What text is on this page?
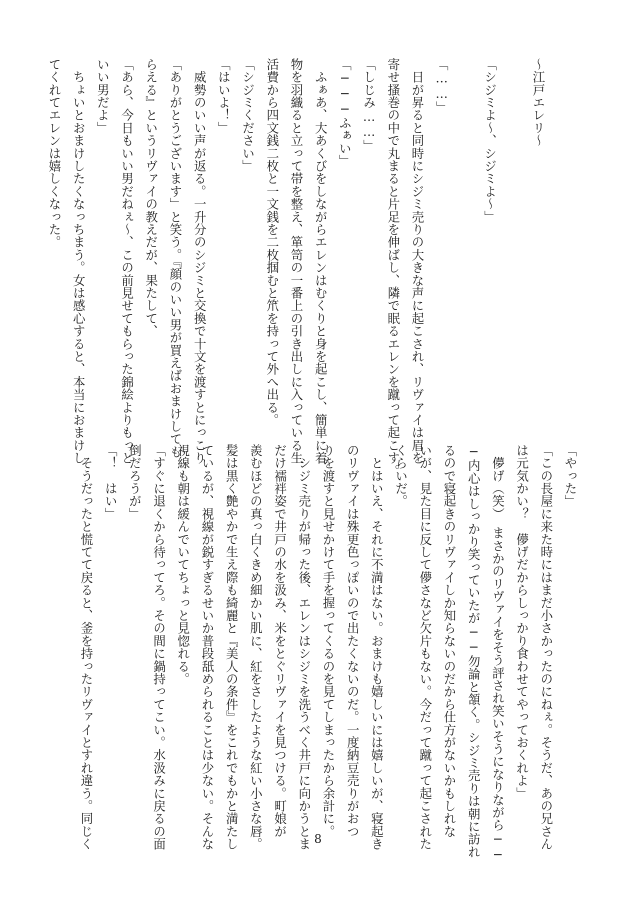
～江戸エレリ～

「シジミよ〜、シジミよ〜」

「……」
　日が昇ると同時にシジミ売りの大きな声に起こされ、リヴァイは眉を
寄せ搔巻の中で丸まると片足を伸ばし、隣で眠るエレンを蹴って起こす。
「しじみ……」
「───ふぁい」
　ふぁあ、大あくびをしながらエレンはむくりと身を起こし、簡単に着
物を羽織ると立って帯を整え、箪笥の一番上の引き出しに入っている生
活費から四文銭二枚と一文銭を二枚掴むと笊を持って外へ出る。
「シジミください」
「はいよ！」
　威勢のいい声が返る。一升分のシジミと交換で十文を渡すとにっこり
「ありがとうございます」と笑う。『顔のいい男が買えばおまけしても
らえる』というリヴァイの教えだが、果たして、
「あら、今日もいい男だねぇ〜、この前見せてもらった錦絵よりもっと
いい男だよ」
　ちょいとおまけしたくなっちまう。女は感心すると、本当におまけし
てくれてエレンは嬉しくなった。
「やった」
「この長屋に来た時にはまだ小さかったのにねぇ。そうだ、あの兄さん
は元気かい？　儚げだからしっかり食わせてやっておくれよ」
　儚げ（笑）　まさかのリヴァイをそう評され笑いそうになりながら──
─内心はしっかり笑っていたが──勿論と頷く。シジミ売りは朝に訪れ
るので寝起きのリヴァイしか知らないのだから仕方がないかもしれな
いが、見た目に反して儚さなど欠片もない。今だって蹴って起こされた
くらいだ。
　とはいえ、それに不満はない。おまけも嬉しいには嬉しいが、寝起き
のリヴァイは殊更色っぽいので出たくないのだ。一度納豆売りがおつ
りを渡すと見せかけて手を握ってくるのを見てしまったから余計に。
　シジミ売りが帰った後、エレンはシジミを洗うべく井戸に向かうとま
だけ襦袢姿で井戸の水を汲み、米をとぐリヴァイを見つける。町娘が
羨むほどの真っ白くきめ細かい肌に、紅をさしたような紅い小さな唇。
髪は黒く艶やかで生え際も綺麗と『美人の条件』をこれでもかと満たし
ているが、視線が鋭すぎるせいか普段舐められることは少ない。そんな
視線も朝は緩んでいてちょっと見惚れる。
「すぐに退くから待ってろ。その間に鍋持ってこい。水汲みに戻るの面
倒だろうが」
「！　はい」
　そうだったと慌てて戻ると、釜を持ったリヴァイとすれ違う。同じく	8
